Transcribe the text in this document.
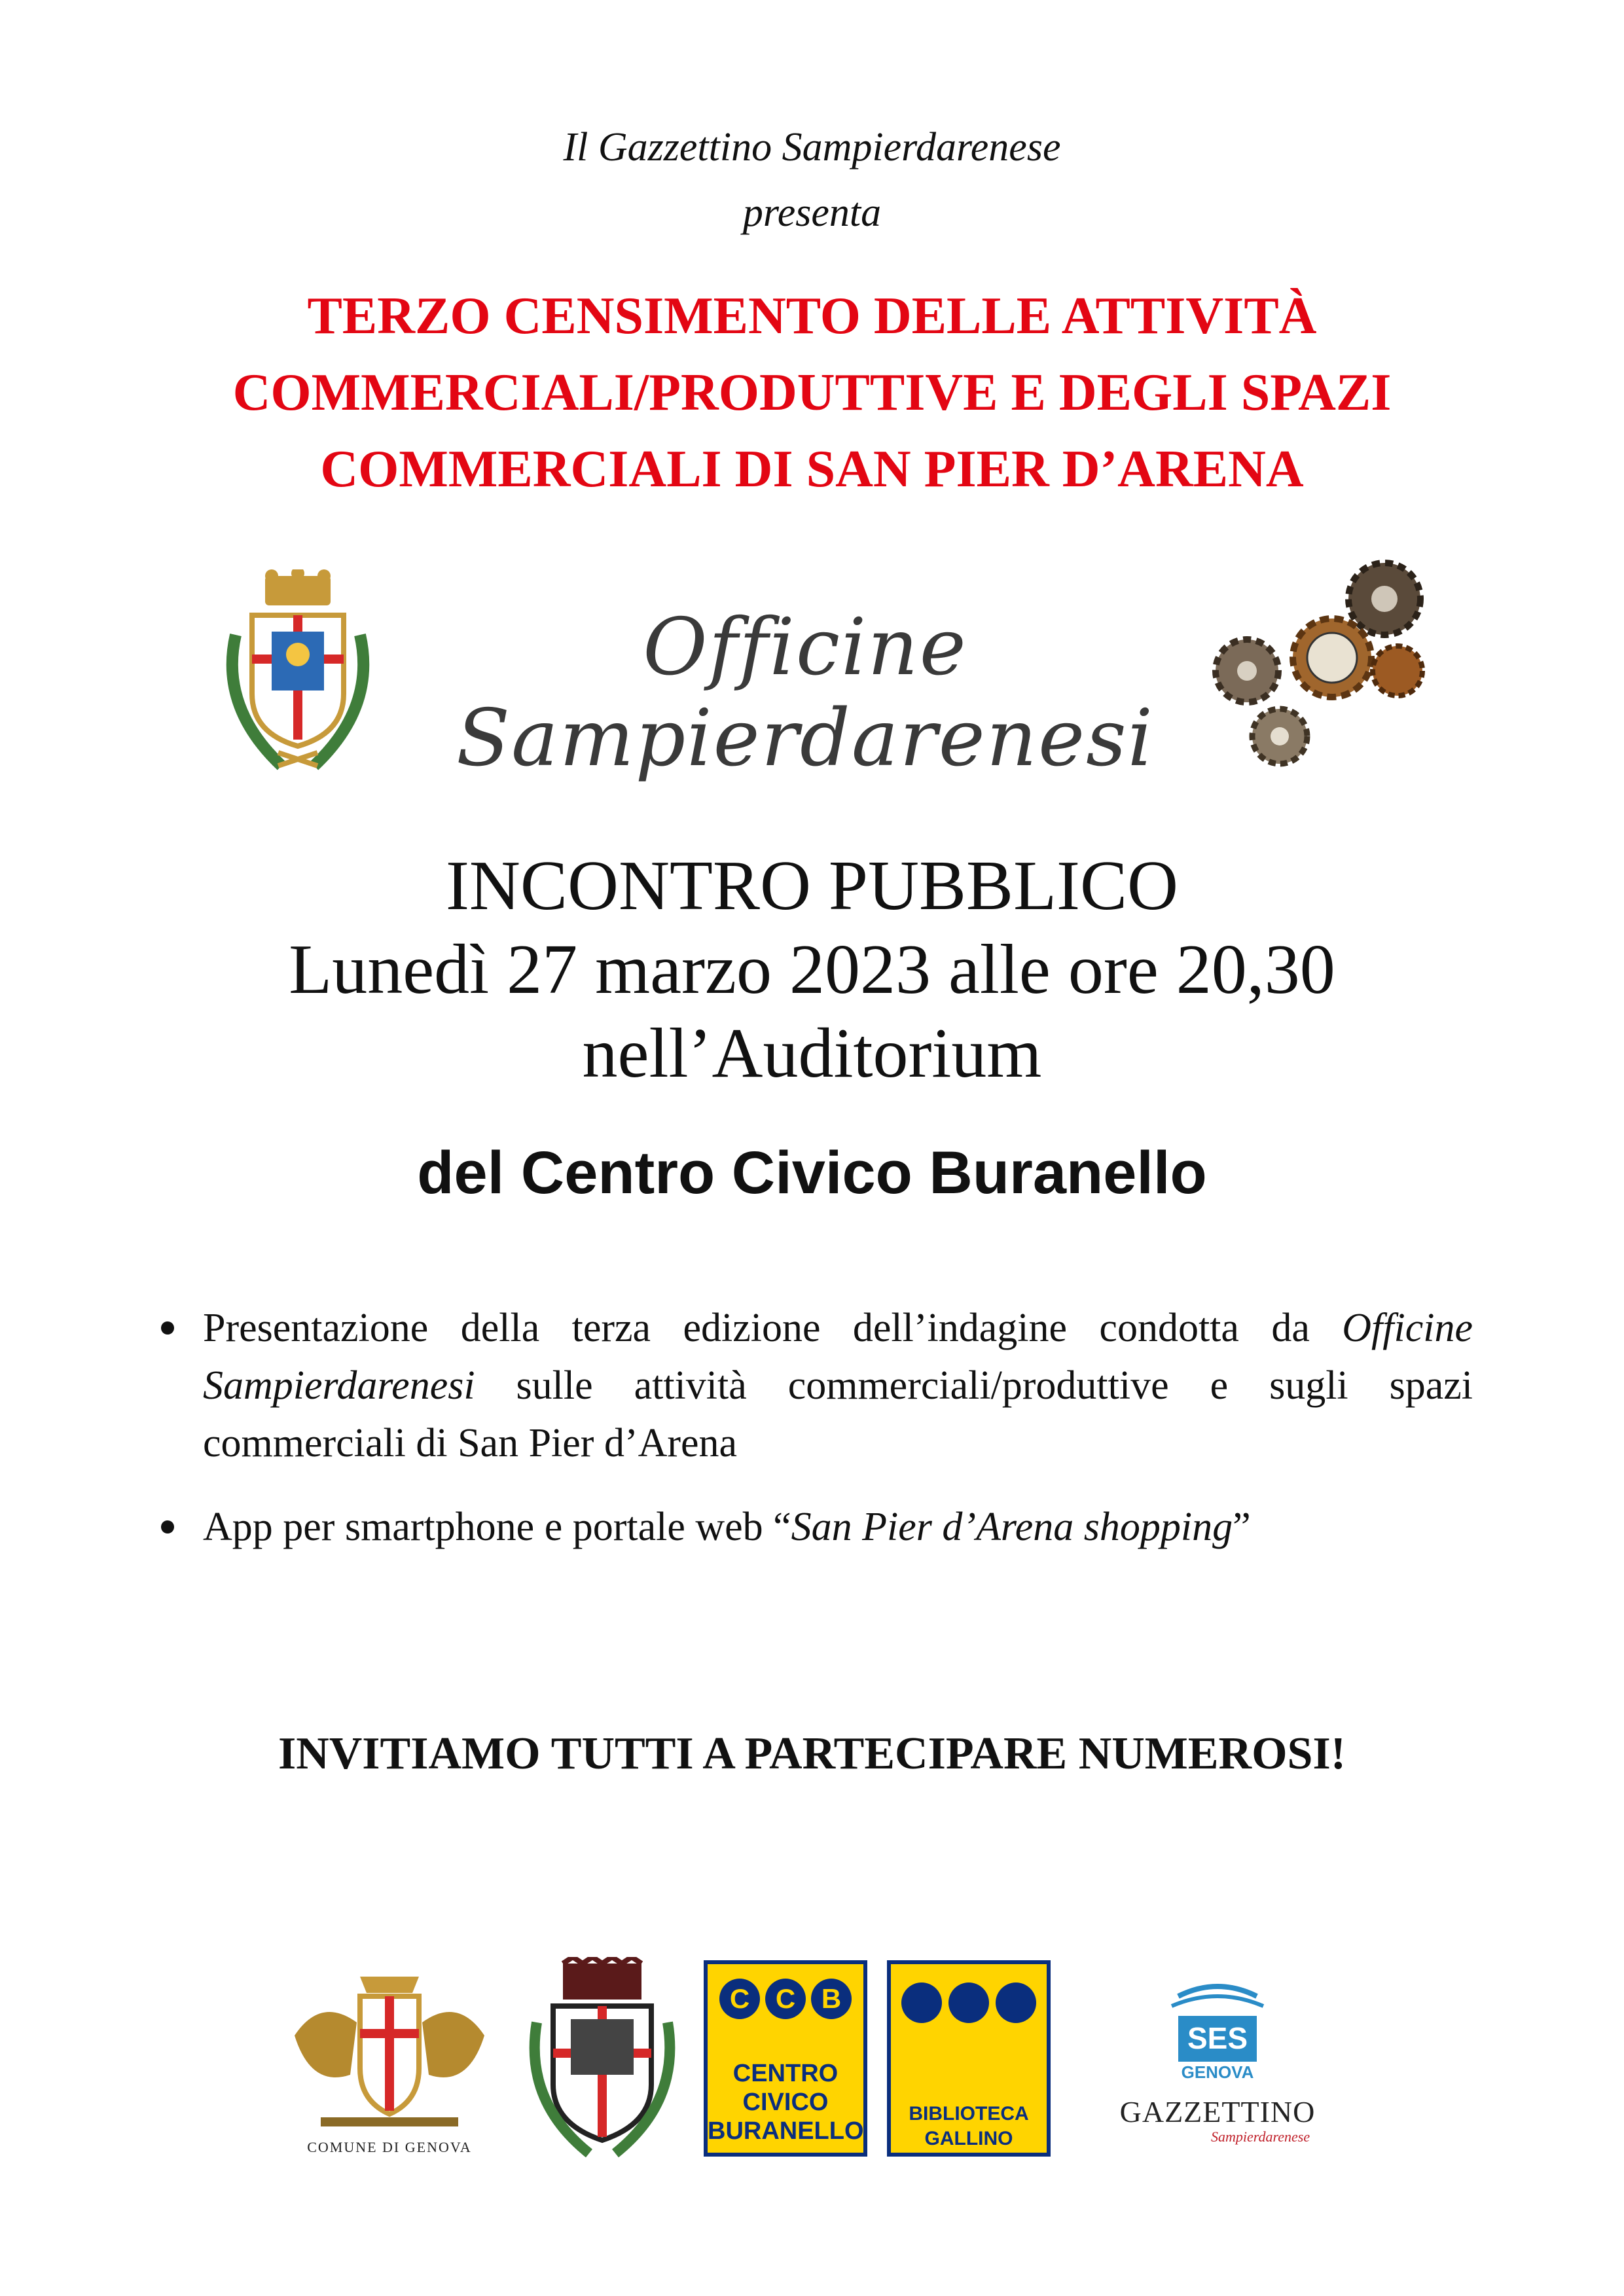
Il Gazzettino Sampierdarenese
presenta
TERZO CENSIMENTO DELLE ATTIVITÀ
COMMERCIALI/PRODUTTIVE E DEGLI SPAZI
COMMERCIALI DI SAN PIER D’ARENA
Officine Sampierdarenesi
INCONTRO PUBBLICO
Lunedì 27 marzo 2023 alle ore 20,30
nell’Auditorium
del Centro Civico Buranello
Presentazione della terza edizione dell’indagine condotta da Officine Sampierdarenesi sulle attività commerciali/produttive e sugli spazi commerciali di San Pier d’Arena
App per smartphone e portale web “San Pier d’Arena shopping”
INVITIAMO TUTTI A PARTECIPARE NUMEROSI!
COMUNE DI GENOVA
C C B
CENTRO
CIVICO
BURANELLO
BIBLIOTECA
GALLINO
SES
GENOVA
GAZZETTINO
Sampierdarenese
